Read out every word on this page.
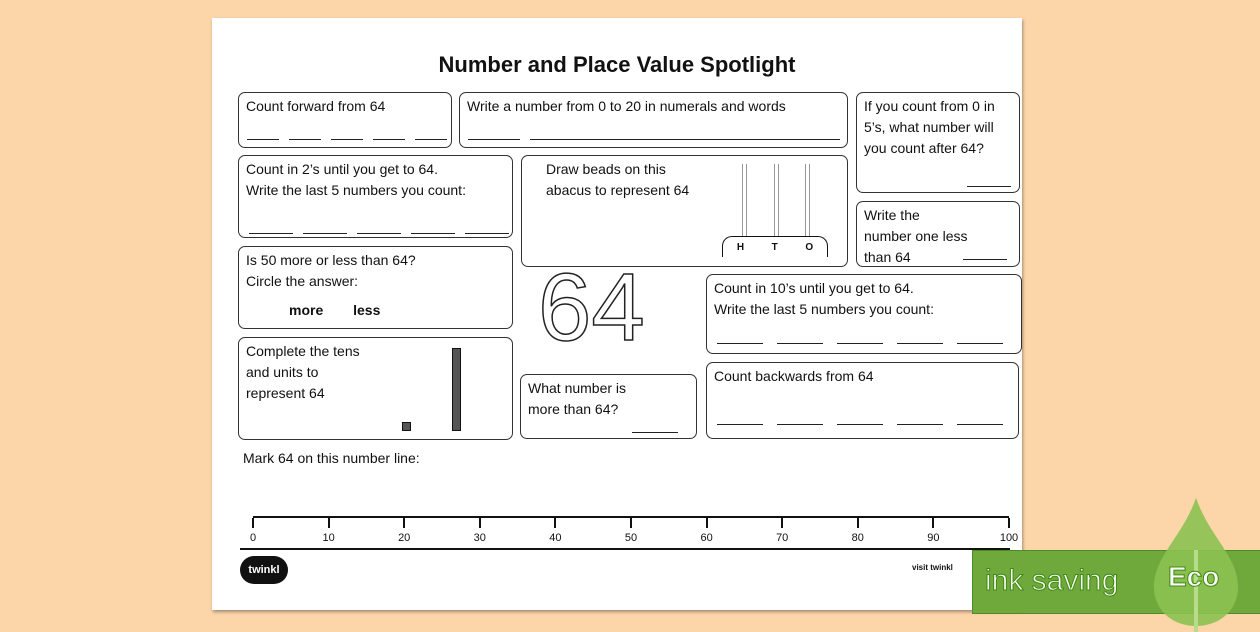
Number and Place Value Spotlight
Count forward from 64	Write a number from 0 to 20 in numerals and words	If you count from 0 in 5’s, what number will you count after 64?
Count in 2’s until you get to 64.
Write the last 5 numbers you count:
Draw beads on this
abacus to represent 64
H	T	O
Write the number one less than 64
Is 50 more or less than 64?
Circle the answer:
more less	64	Count in 10’s until you get to 64.
Write the last 5 numbers you count:
Complete the tens and units to represent 64	What number is more than 64?
Count backwards from 64
Mark 64 on this number line:
0	10	20	30	40	50	60	70	80	90	100
twinkl	visit twinkl ink saving Eco
